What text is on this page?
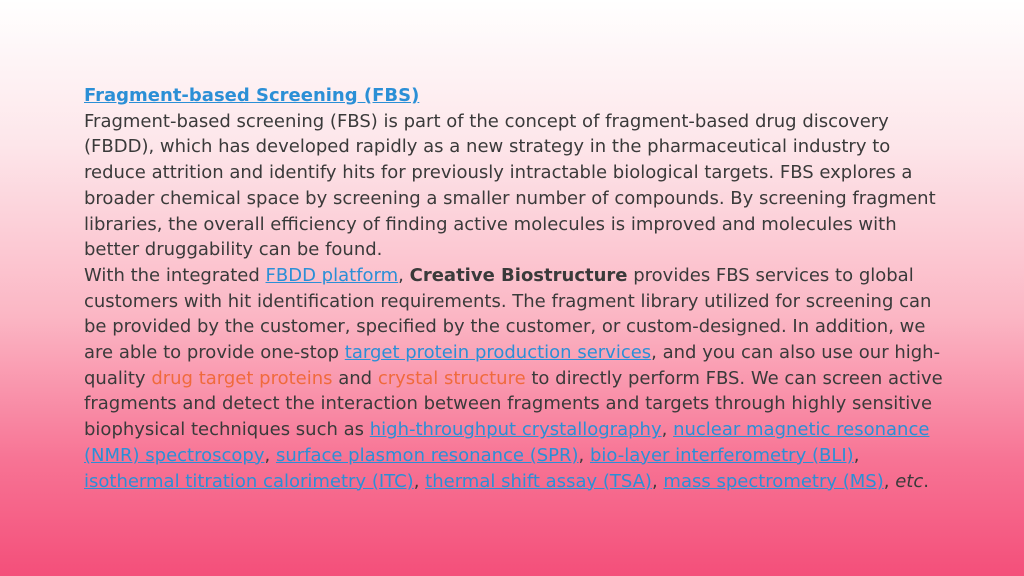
Fragment-based Screening (FBS)

Fragment-based screening (FBS) is part of the concept of fragment-based drug discovery (FBDD), which has developed rapidly as a new strategy in the pharmaceutical industry to reduce attrition and identify hits for previously intractable biological targets. FBS explores a broader chemical space by screening a smaller number of compounds. By screening fragment libraries, the overall efficiency of finding active molecules is improved and molecules with better druggability can be found.

With the integrated FBDD platform, Creative Biostructure provides FBS services to global customers with hit identification requirements. The fragment library utilized for screening can be provided by the customer, specified by the customer, or custom-designed. In addition, we are able to provide one-stop target protein production services, and you can also use our high-quality drug target proteins and crystal structure to directly perform FBS. We can screen active fragments and detect the interaction between fragments and targets through highly sensitive biophysical techniques such as high-throughput crystallography, nuclear magnetic resonance (NMR) spectroscopy, surface plasmon resonance (SPR), bio-layer interferometry (BLI), isothermal titration calorimetry (ITC), thermal shift assay (TSA), mass spectrometry (MS), etc.
